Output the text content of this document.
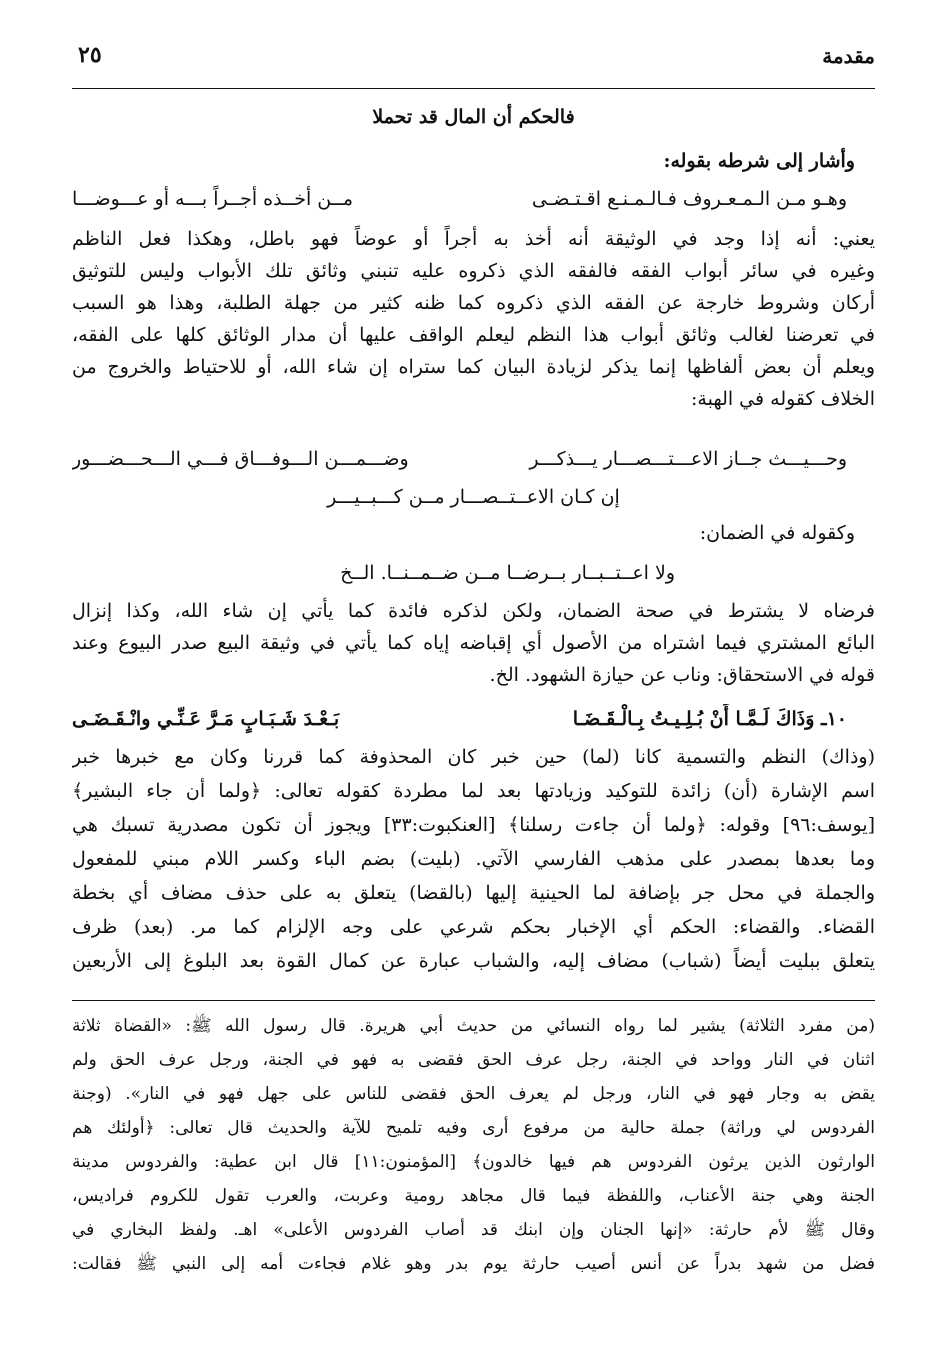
مقدمة
٢٥
فالحكم أن المال قد تحملا
وأشار إلى شرطه بقوله:
وهـو مـن الـمـعـروف فـالـمـنـع اقـتـضـى
مــن أخــذه أجــراً بـــه أو عـــوضـــا
يعني: أنه إذا وجد في الوثيقة أنه أخذ به أجراً أو عوضاً فهو باطل، وهكذا فعل الناظم
وغيره في سائر أبواب الفقه فالفقه الذي ذكروه عليه تنبني وثائق تلك الأبواب وليس للتوثيق
أركان وشروط خارجة عن الفقه الذي ذكروه كما ظنه كثير من جهلة الطلبة، وهذا هو السبب
في تعرضنا لغالب وثائق أبواب هذا النظم ليعلم الواقف عليها أن مدار الوثائق كلها على الفقه،
ويعلم أن بعض ألفاظها إنما يذكر لزيادة البيان كما ستراه إن شاء الله، أو للاحتياط والخروج من
الخلاف كقوله في الهبة:
وحـــيـــث جــاز الاعـــتـــصـــار يـــذكـــر
وضـــمـــن الـــوفـــاق فـــي الـــحـــضـــور
إن كـان الاعــتــصـــار مــن كـــبــيـــر
وكقوله في الضمان:
ولا اعــتــبــار بــرضــا مــن ضــمــنــا. الــخ
فرضاه لا يشترط في صحة الضمان، ولكن لذكره فائدة كما يأتي إن شاء الله، وكذا إنزال
البائع المشتري فيما اشتراه من الأصول أي إقباضه إياه كما يأتي في وثيقة البيع صدر البيوع وعند
قوله في الاستحقاق: وناب عن حيازة الشهود. الخ.
١٠ـ وَذَاكَ لَـمَّـا أَنْ بُـلِـيـتُ بِـالْـقَـضَـا
بَـعْـدَ شَـبَـابٍ مَـرَّ عَـنِّـي وانْـقَـضَـى
(وذاك) النظم والتسمية كانا (لما) حين خبر كان المحذوفة كما قررنا وكان مع خبرها خبر
اسم الإشارة (أن) زائدة للتوكيد وزيادتها بعد لما مطردة كقوله تعالى: ﴿ولما أن جاء البشير﴾
[يوسف:٩٦] وقوله: ﴿ولما أن جاءت رسلنا﴾ [العنكبوت:٣٣] ويجوز أن تكون مصدرية تسبك هي
وما بعدها بمصدر على مذهب الفارسي الآتي. (بليت) بضم الباء وكسر اللام مبني للمفعول
والجملة في محل جر بإضافة لما الحينية إليها (بالقضا) يتعلق به على حذف مضاف أي بخطة
القضاء. والقضاء: الحكم أي الإخبار بحكم شرعي على وجه الإلزام كما مر. (بعد) ظرف
يتعلق ببليت أيضاً (شباب) مضاف إليه، والشباب عبارة عن كمال القوة بعد البلوغ إلى الأربعين
(من مفرد الثلاثة) يشير لما رواه النسائي من حديث أبي هريرة. قال رسول الله ﷺ: «القضاة ثلاثة
اثنان في النار وواحد في الجنة، رجل عرف الحق فقضى به فهو في الجنة، ورجل عرف الحق ولم
يقض به وجار فهو في النار، ورجل لم يعرف الحق فقضى للناس على جهل فهو في النار». (وجنة
الفردوس لي وراثة) جملة حالية من مرفوع أرى وفيه تلميح للآية والحديث قال تعالى: ﴿أولئك هم
الوارثون الذين يرثون الفردوس هم فيها خالدون﴾ [المؤمنون:١١] قال ابن عطية: والفردوس مدينة
الجنة وهي جنة الأعناب، واللفظة فيما قال مجاهد رومية وعربت، والعرب تقول للكروم فراديس،
وقال ﷺ لأم حارثة: «إنها الجنان وإن ابنك قد أصاب الفردوس الأعلى» اهـ. ولفظ البخاري في
فضل من شهد بدراً عن أنس أصيب حارثة يوم بدر وهو غلام فجاءت أمه إلى النبي ﷺ فقالت:
